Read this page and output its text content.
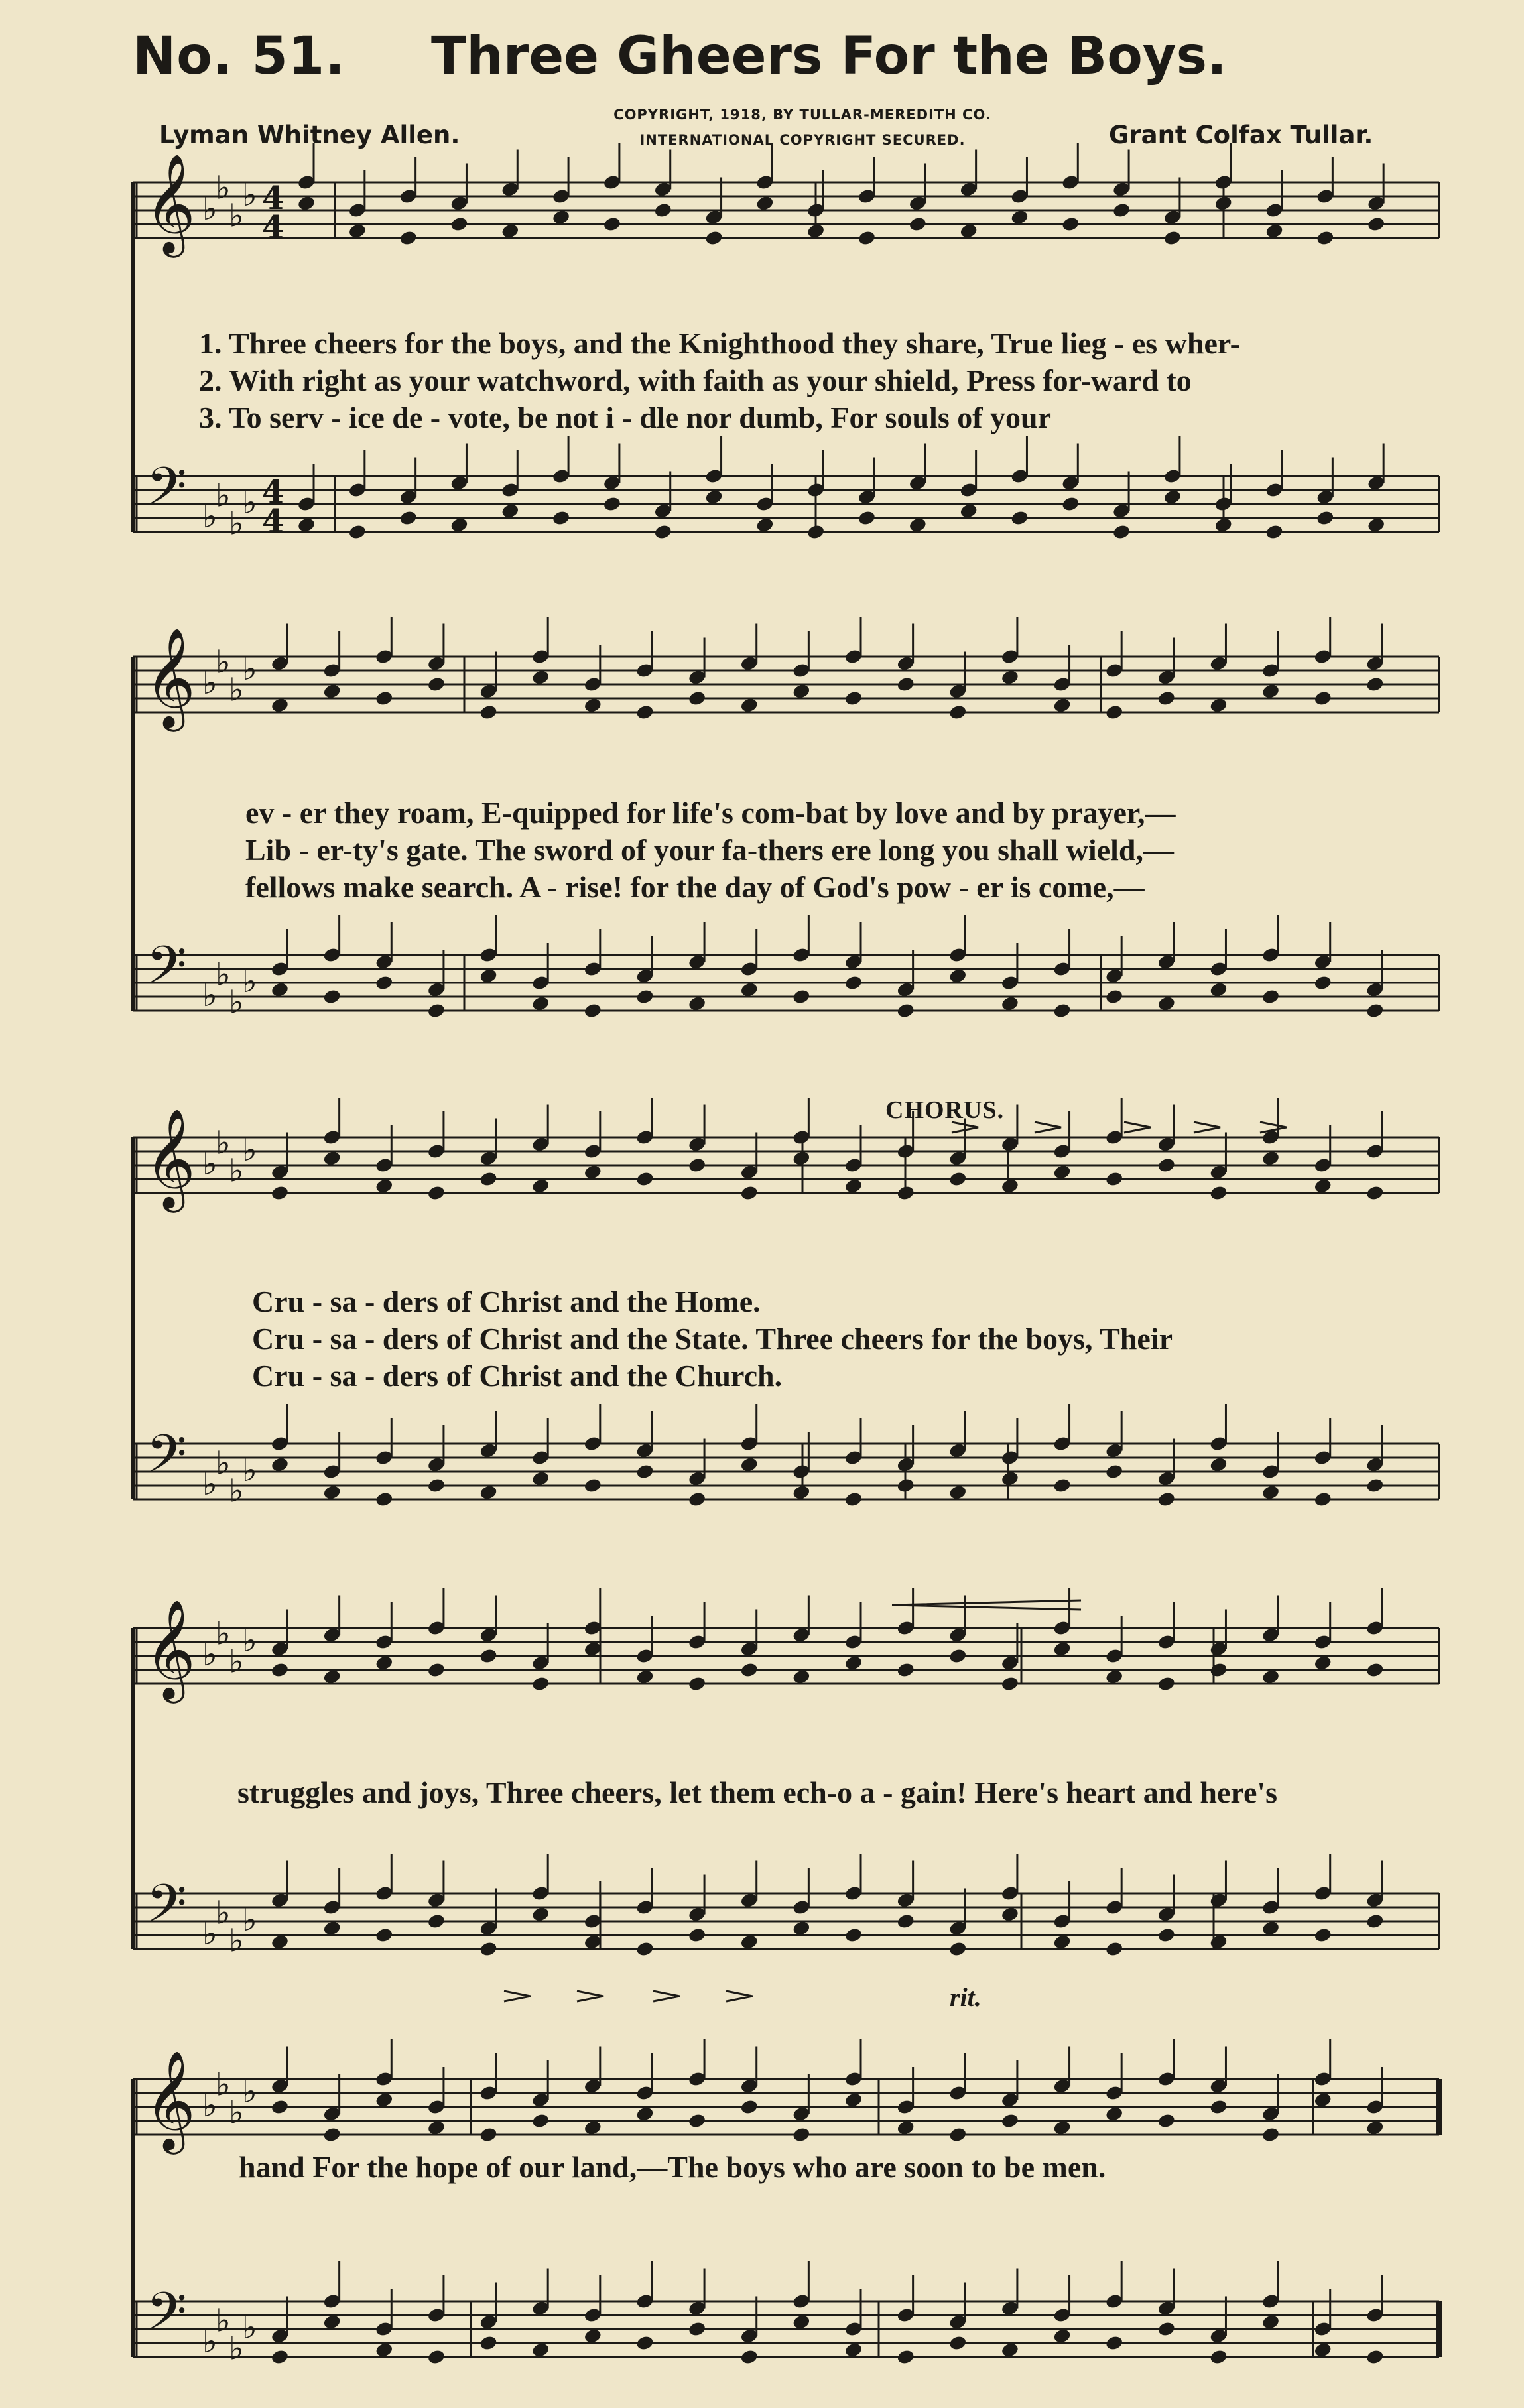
No. 51. Three Gheers For the Boys.
Lyman Whitney Allen.
COPYRIGHT, 1918, BY TULLAR-MEREDITH CO.
INTERNATIONAL COPYRIGHT SECURED.	Grant Colfax Tullar.
𝄞
𝄢
♭
♭
♭
♭
♭
♭
♭
♭
4
4
4
4
𝄞
𝄢
♭
♭
♭
♭
♭
♭
♭
♭
𝄞
𝄢
♭
♭
♭
♭
♭
♭
♭
♭
𝄞
𝄢
♭
♭
♭
♭
♭
♭
♭
♭
𝄞
𝄢
♭
♭
♭
♭
♭
♭
♭
♭
1. Three cheers for the boys, and the Knighthood they share, True lieg - es wher-
2. With right as your watchword, with faith as your shield, Press for-ward to
3. To serv - ice de - vote, be not i - dle nor dumb, For souls of your
ev - er they roam, E-quipped for life's com-bat by love and by prayer,—
Lib - er-ty's gate. The sword of your fa-thers ere long you shall wield,—
fellows make search. A - rise! for the day of God's pow - er is come,—
CHORUS.
Cru - sa - ders of Christ and the Home.
Cru - sa - ders of Christ and the State. Three cheers for the boys, Their
Cru - sa - ders of Christ and the Church.
struggles and joys, Three cheers, let them ech-o a - gain! Here's heart and here's
rit.
hand For the hope of our land,—The boys who are soon to be men.
